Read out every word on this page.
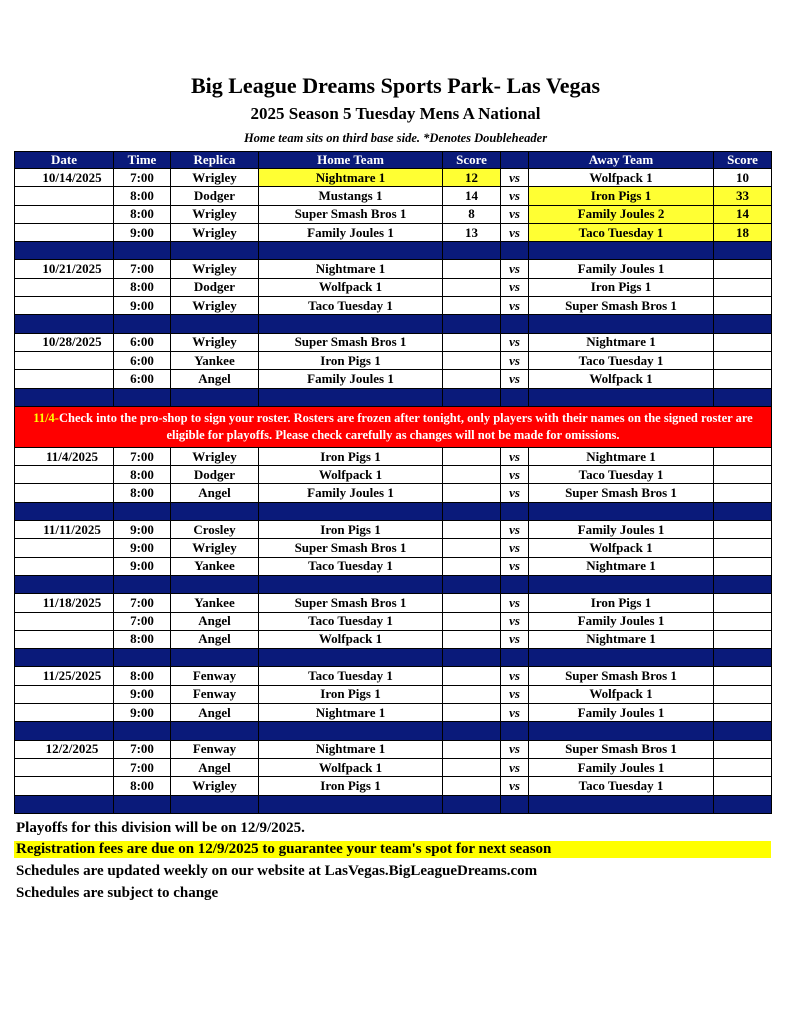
Big League Dreams Sports Park- Las Vegas
2025 Season 5 Tuesday Mens A National
Home team sits on third base side. *Denotes Doubleheader
Date	Time	Replica	Home Team	Score		Away Team	Score
10/14/2025	7:00	Wrigley	Nightmare 1	12	vs	Wolfpack 1	10
	8:00	Dodger	Mustangs 1	14	vs	Iron Pigs 1	33
	8:00	Wrigley	Super Smash Bros 1	8	vs	Family Joules 2	14
	9:00	Wrigley	Family Joules 1	13	vs	Taco Tuesday 1	18

10/21/2025	7:00	Wrigley	Nightmare 1		vs	Family Joules 1	
	8:00	Dodger	Wolfpack 1		vs	Iron Pigs 1	
	9:00	Wrigley	Taco Tuesday 1		vs	Super Smash Bros 1	

10/28/2025	6:00	Wrigley	Super Smash Bros 1		vs	Nightmare 1	
	6:00	Yankee	Iron Pigs 1		vs	Taco Tuesday 1	
	6:00	Angel	Family Joules 1		vs	Wolfpack 1	

11/4-Check into the pro-shop to sign your roster. Rosters are frozen after tonight, only players with their names on the signed roster are eligible for playoffs. Please check carefully as changes will not be made for omissions.							
11/4/2025	7:00	Wrigley	Iron Pigs 1		vs	Nightmare 1	
	8:00	Dodger	Wolfpack 1		vs	Taco Tuesday 1	
	8:00	Angel	Family Joules 1		vs	Super Smash Bros 1	

11/11/2025	9:00	Crosley	Iron Pigs 1		vs	Family Joules 1	
	9:00	Wrigley	Super Smash Bros 1		vs	Wolfpack 1	
	9:00	Yankee	Taco Tuesday 1		vs	Nightmare 1	

11/18/2025	7:00	Yankee	Super Smash Bros 1		vs	Iron Pigs 1	
	7:00	Angel	Taco Tuesday 1		vs	Family Joules 1	
	8:00	Angel	Wolfpack 1		vs	Nightmare 1	

11/25/2025	8:00	Fenway	Taco Tuesday 1		vs	Super Smash Bros 1	
	9:00	Fenway	Iron Pigs 1		vs	Wolfpack 1	
	9:00	Angel	Nightmare 1		vs	Family Joules 1	

12/2/2025	7:00	Fenway	Nightmare 1		vs	Super Smash Bros 1	
	7:00	Angel	Wolfpack 1		vs	Family Joules 1	
	8:00	Wrigley	Iron Pigs 1		vs	Taco Tuesday 1	

Playoffs for this division will be on 12/9/2025.
Registration fees are due on 12/9/2025 to guarantee your team's spot for next season
Schedules are updated weekly on our website at LasVegas.BigLeagueDreams.com
Schedules are subject to change
